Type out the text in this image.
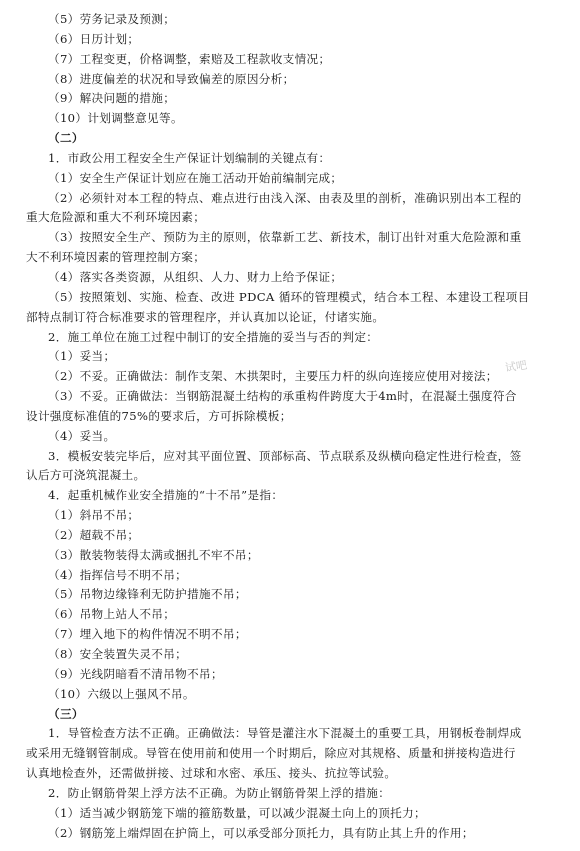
（5）劳务记录及预测；
（6）日历计划；
（7）工程变更，价格调整，索赔及工程款收支情况；
（8）进度偏差的状况和导致偏差的原因分析；
（9）解决问题的措施；
（10）计划调整意见等。
（二）
1．市政公用工程安全生产保证计划编制的关键点有：
（1）安全生产保证计划应在施工活动开始前编制完成；
（2）必须针对本工程的特点、难点进行由浅入深、由表及里的剖析，准确识别出本工程的
重大危险源和重大不利环境因素；
（3）按照安全生产、预防为主的原则，依靠新工艺、新技术，制订出针对重大危险源和重
大不利环境因素的管理控制方案；
（4）落实各类资源，从组织、人力、财力上给予保证；
（5）按照策划、实施、检查、改进 PDCA 循环的管理模式，结合本工程、本建设工程项目
部特点制订符合标准要求的管理程序，并认真加以论证，付诸实施。
2．施工单位在施工过程中制订的安全措施的妥当与否的判定：
（1）妥当；
（2）不妥。正确做法：制作支架、木拱架时，主要压力杆的纵向连接应使用对接法；
（3）不妥。正确做法：当钢筋混凝土结构的承重构件跨度大于4m时，在混凝土强度符合
设计强度标准值的75%的要求后，方可拆除模板；
（4）妥当。
3．模板安装完毕后，应对其平面位置、顶部标高、节点联系及纵横向稳定性进行检查，签
认后方可浇筑混凝土。
4．起重机械作业安全措施的“十不吊”是指：
（1）斜吊不吊；
（2）超载不吊；
（3）散装物装得太满或捆扎不牢不吊；
（4）指挥信号不明不吊；
（5）吊物边缘锋利无防护措施不吊；
（6）吊物上站人不吊；
（7）埋入地下的构件情况不明不吊；
（8）安全装置失灵不吊；
（9）光线阴暗看不清吊物不吊；
（10）六级以上强风不吊。
（三）
1．导管检查方法不正确。正确做法：导管是灌注水下混凝土的重要工具，用钢板卷制焊成
或采用无缝钢管制成。导管在使用前和使用一个时期后，除应对其规格、质量和拼接构造进行
认真地检查外，还需做拼接、过球和水密、承压、接头、抗拉等试验。
2．防止钢筋骨架上浮方法不正确。为防止钢筋骨架上浮的措施：
（1）适当减少钢筋笼下端的箍筋数量，可以减少混凝土向上的顶托力；
（2）钢筋笼上端焊固在护筒上，可以承受部分顶托力，具有防止其上升的作用；
试吧
